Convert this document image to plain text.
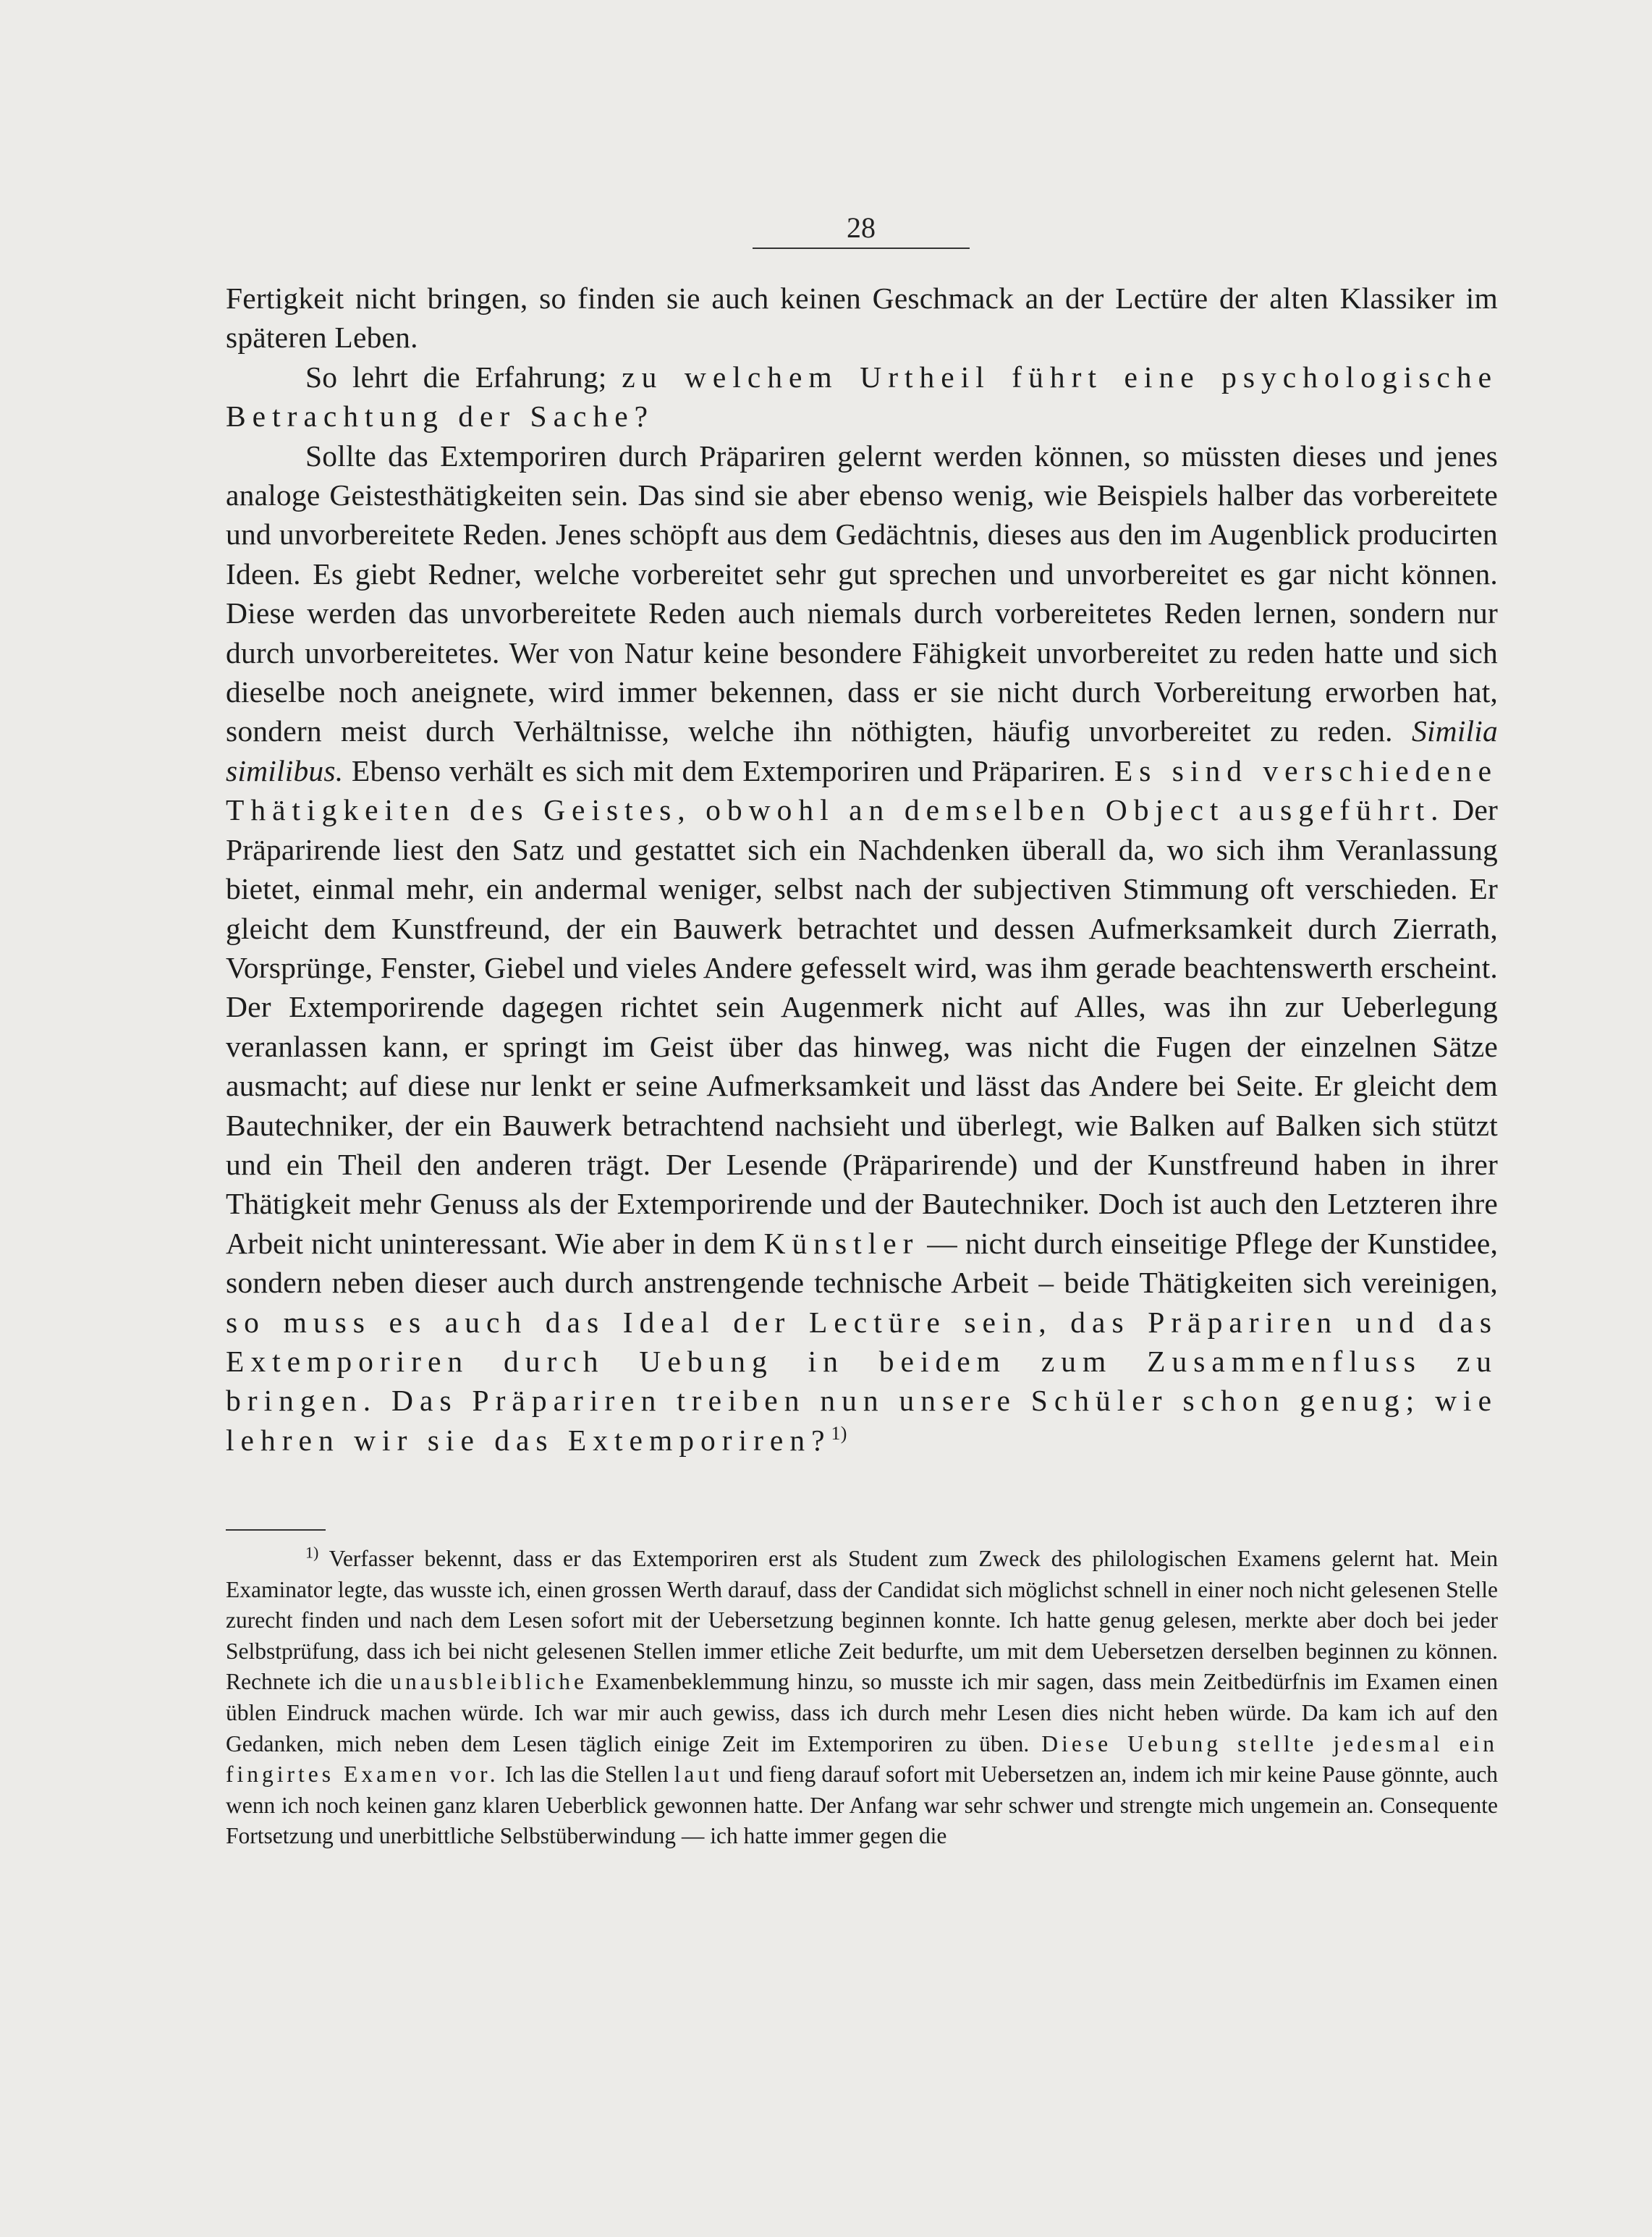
28

Fertigkeit nicht bringen, so finden sie auch keinen Geschmack an der Lectüre der alten Klassiker im späteren Leben.

So lehrt die Erfahrung; zu welchem Urtheil führt eine psychologische Betrachtung der Sache?

Sollte das Extemporiren durch Präpariren gelernt werden können, so müssten dieses und jenes analoge Geistesthätigkeiten sein. Das sind sie aber ebenso wenig, wie Beispiels halber das vorbereitete und unvorbereitete Reden. Jenes schöpft aus dem Gedächtnis, dieses aus den im Augenblick producirten Ideen. Es giebt Redner, welche vorbereitet sehr gut sprechen und unvorbereitet es gar nicht können. Diese werden das unvorbereitete Reden auch niemals durch vorbereitetes Reden lernen, sondern nur durch unvorbereitetes. Wer von Natur keine besondere Fähigkeit unvorbereitet zu reden hatte und sich dieselbe noch aneignete, wird immer bekennen, dass er sie nicht durch Vorbereitung erworben hat, sondern meist durch Verhältnisse, welche ihn nöthigten, häufig unvorbereitet zu reden. Similia similibus. Ebenso verhält es sich mit dem Extemporiren und Präpariren. Es sind verschiedene Thätigkeiten des Geistes, obwohl an demselben Object ausgeführt. Der Präparirende liest den Satz und gestattet sich ein Nachdenken überall da, wo sich ihm Veranlassung bietet, einmal mehr, ein andermal weniger, selbst nach der subjectiven Stimmung oft verschieden. Er gleicht dem Kunstfreund, der ein Bauwerk betrachtet und dessen Aufmerksamkeit durch Zierrath, Vorsprünge, Fenster, Giebel und vieles Andere gefesselt wird, was ihm gerade beachtenswerth erscheint. Der Extemporirende dagegen richtet sein Augenmerk nicht auf Alles, was ihn zur Ueberlegung veranlassen kann, er springt im Geist über das hinweg, was nicht die Fugen der einzelnen Sätze ausmacht; auf diese nur lenkt er seine Aufmerksamkeit und lässt das Andere bei Seite. Er gleicht dem Bautechniker, der ein Bauwerk betrachtend nachsieht und überlegt, wie Balken auf Balken sich stützt und ein Theil den anderen trägt. Der Lesende (Präparirende) und der Kunstfreund haben in ihrer Thätigkeit mehr Genuss als der Extemporirende und der Bautechniker. Doch ist auch den Letzteren ihre Arbeit nicht uninteressant. Wie aber in dem Künstler — nicht durch einseitige Pflege der Kunstidee, sondern neben dieser auch durch anstrengende technische Arbeit – beide Thätigkeiten sich vereinigen, so muss es auch das Ideal der Lectüre sein, das Präpariren und das Extemporiren durch Uebung in beidem zum Zusammenfluss zu bringen. Das Präpariren treiben nun unsere Schüler schon genug; wie lehren wir sie das Extemporiren?$^{1)}$

$^{1)}$ Verfasser bekennt, dass er das Extemporiren erst als Student zum Zweck des philologischen Examens gelernt hat. Mein Examinator legte, das wusste ich, einen grossen Werth darauf, dass der Candidat sich möglichst schnell in einer noch nicht gelesenen Stelle zurecht finden und nach dem Lesen sofort mit der Uebersetzung beginnen konnte. Ich hatte genug gelesen, merkte aber doch bei jeder Selbstprüfung, dass ich bei nicht gelesenen Stellen immer etliche Zeit bedurfte, um mit dem Uebersetzen derselben beginnen zu können. Rechnete ich die unausbleibliche Examenbeklemmung hinzu, so musste ich mir sagen, dass mein Zeitbedürfnis im Examen einen üblen Eindruck machen würde. Ich war mir auch gewiss, dass ich durch mehr Lesen dies nicht heben würde. Da kam ich auf den Gedanken, mich neben dem Lesen täglich einige Zeit im Extemporiren zu üben. Diese Uebung stellte jedesmal ein fingirtes Examen vor. Ich las die Stellen laut und fieng darauf sofort mit Uebersetzen an, indem ich mir keine Pause gönnte, auch wenn ich noch keinen ganz klaren Ueberblick gewonnen hatte. Der Anfang war sehr schwer und strengte mich ungemein an. Consequente Fortsetzung und unerbittliche Selbstüberwindung — ich hatte immer gegen die
